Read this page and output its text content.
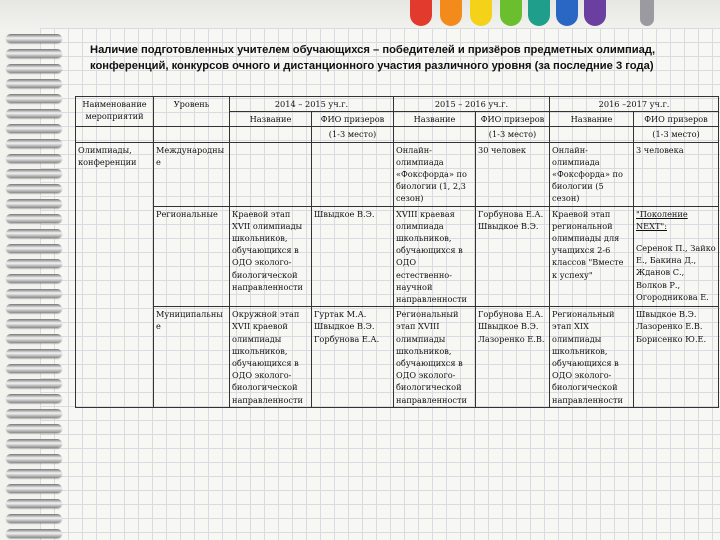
Наличие подготовленных учителем обучающихся – победителей и призёров предметных олимпиад, конференций, конкурсов очного и дистанционного участия различного уровня (за последние 3 года)
Наименование мероприятий	Уровень	2014 – 2015 уч.г.		2015 – 2016 уч.г.		2016 –2017 уч.г.	
		Название	ФИО призеров	Название	ФИО призеров	Название	ФИО призеров
			(1-3 место)		(1-3 место)		(1-3 место)
Олимпиады, конференции	Международные			Онлайн-олимпиада «Фоксфорда» по биологии (1, 2,3 сезон)	30 человек	Онлайн-олимпиада «Фоксфорда» по биологии (5 сезон)	3 человека
	Региональные	Краевой этап XVII олимпиады школьников, обучающихся в ОДО эколого-биологической направленности	Швыдкое В.Э.	XVIII краевая олимпиада школьников, обучающихся в ОДО естественно-научной направленности	Горбунова Е.А. Швыдкое В.Э.	Краевой этап региональной олимпиады для учащихся 2-6 классов "Вместе к успеху"	"Поколение NEXT":
Серенок П., Зайко Е., Бакина Д., Жданов С., Волков Р., Огородникова Е.

	Муниципальные	Окружной этап XVII краевой олимпиады школьников, обучающихся в ОДО эколого-биологической направленности	Гуртак М.А. Швыдкое В.Э. Горбунова Е.А.	Региональный этап XVIII олимпиады школьников, обучающихся в ОДО эколого-биологической направленности	Горбунова Е.А. Швыдкое В.Э. Лазоренко Е.В.	Региональный этап XIX олимпиады школьников, обучающихся в ОДО эколого-биологической направленности	Швыдкое В.Э. Лазоренко Е.В. Борисенко Ю.Е.
